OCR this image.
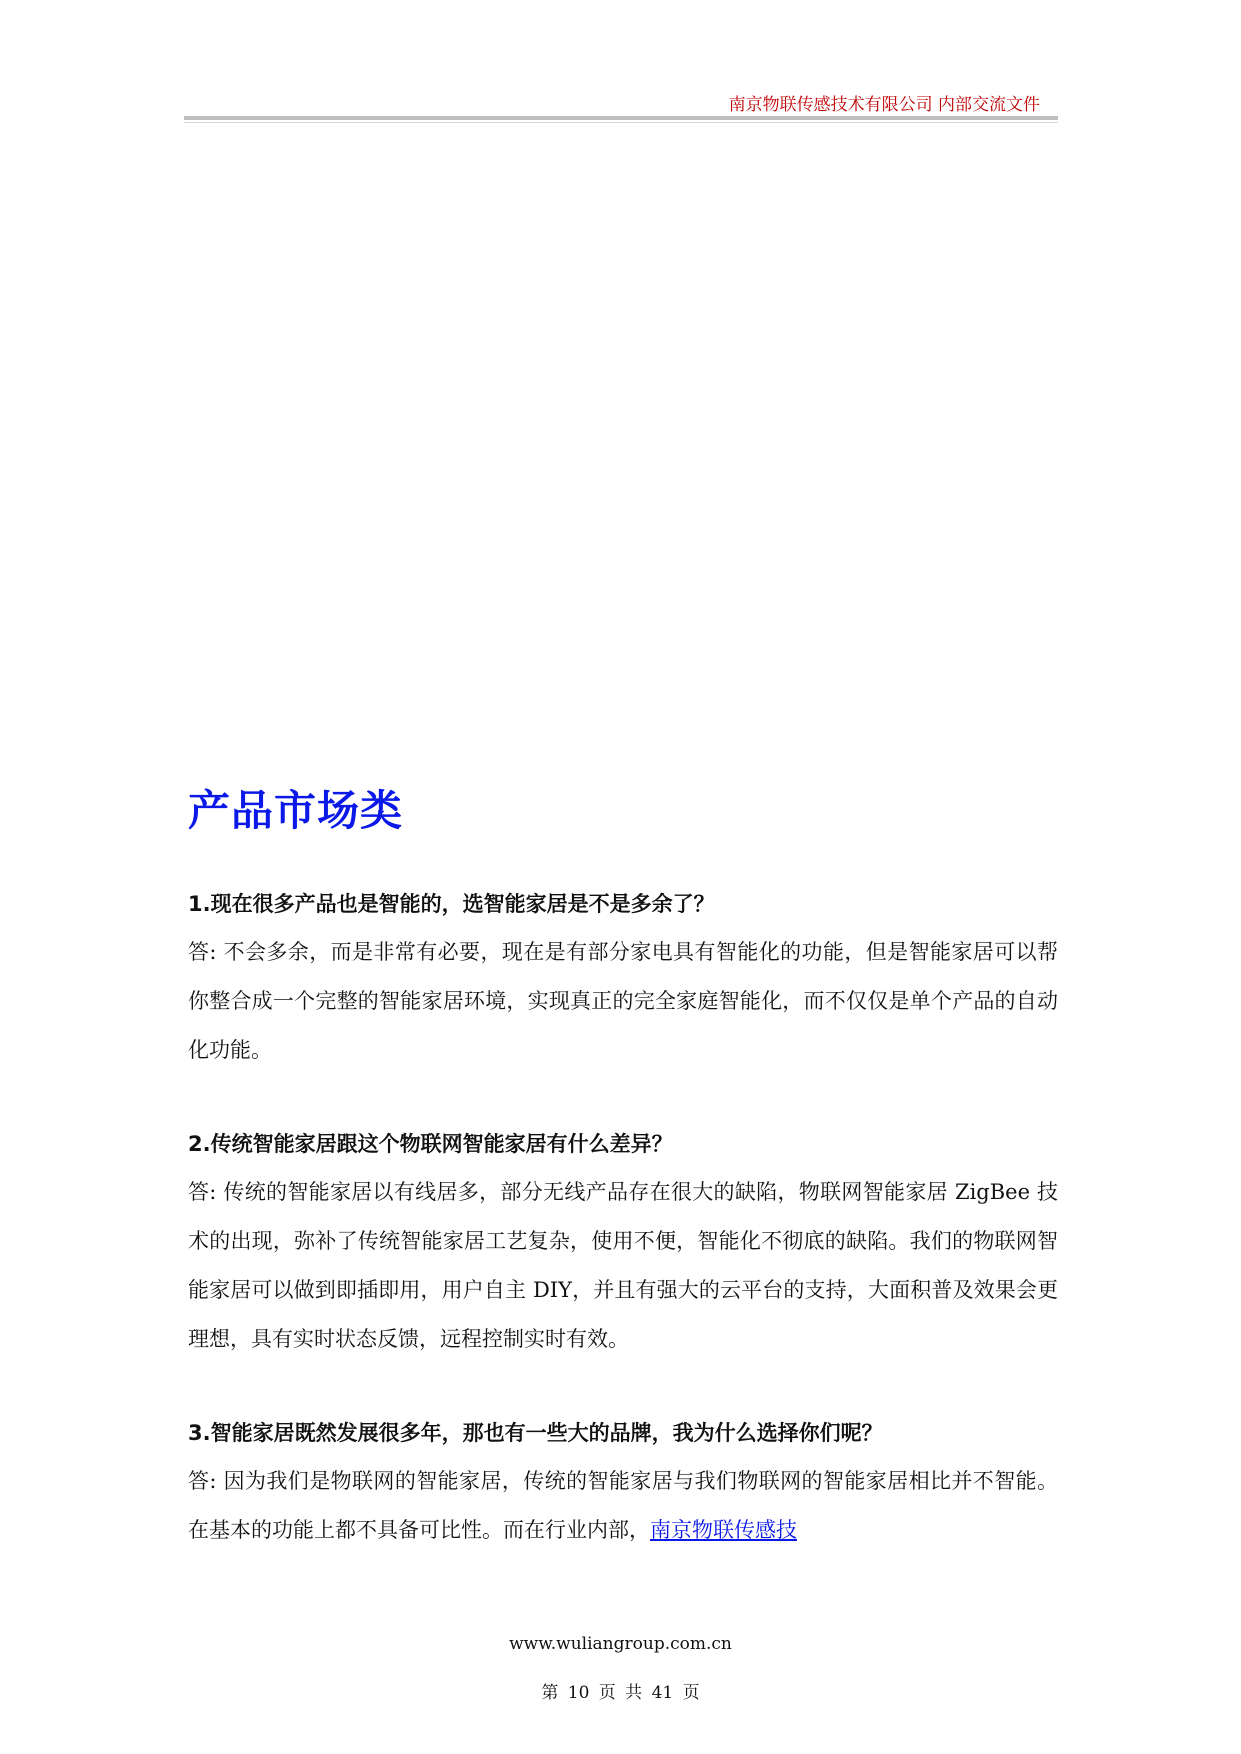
南京物联传感技术有限公司 内部交流文件
产品市场类
1.现在很多产品也是智能的，选智能家居是不是多余了？
答: 不会多余，而是非常有必要，现在是有部分家电具有智能化的功能，但是智能家居可以帮你整合成一个完整的智能家居环境，实现真正的完全家庭智能化，而不仅仅是单个产品的自动化功能。
2.传统智能家居跟这个物联网智能家居有什么差异？
答: 传统的智能家居以有线居多，部分无线产品存在很大的缺陷，物联网智能家居 ZigBee 技术的出现，弥补了传统智能家居工艺复杂，使用不便，智能化不彻底的缺陷。我们的物联网智能家居可以做到即插即用，用户自主 DIY，并且有强大的云平台的支持，大面积普及效果会更理想，具有实时状态反馈，远程控制实时有效。
3.智能家居既然发展很多年，那也有一些大的品牌，我为什么选择你们呢？
答: 因为我们是物联网的智能家居，传统的智能家居与我们物联网的智能家居相比并不智能。在基本的功能上都不具备可比性。而在行业内部，南京物联传感技
www.wuliangroup.com.cn
第 10 页 共 41 页
